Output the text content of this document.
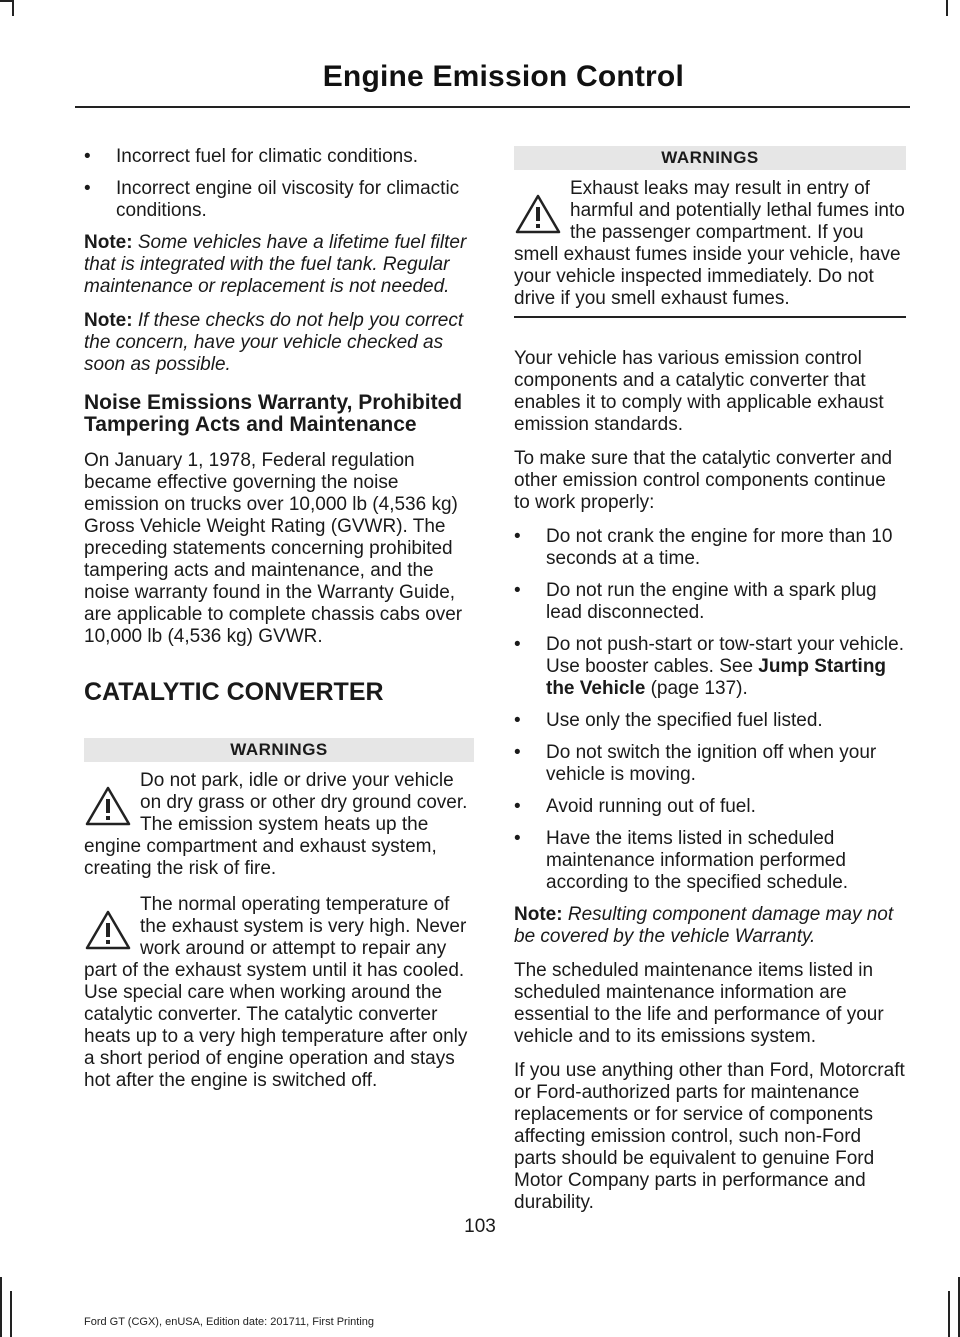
Engine Emission Control
•	Incorrect fuel for climatic conditions.
•	Incorrect engine oil viscosity for climactic conditions.

Note: Some vehicles have a lifetime fuel filter that is integrated with the fuel tank. Regular maintenance or replacement is not needed.

Note: If these checks do not help you correct the concern, have your vehicle checked as soon as possible.

Noise Emissions Warranty, Prohibited Tampering Acts and Maintenance

On January 1, 1978, Federal regulation became effective governing the noise emission on trucks over 10,000 lb (4,536 kg) Gross Vehicle Weight Rating (GVWR). The preceding statements concerning prohibited tampering acts and maintenance, and the noise warranty found in the Warranty Guide, are applicable to complete chassis cabs over 10,000 lb (4,536 kg) GVWR.

CATALYTIC CONVERTER
WARNINGS
Do not park, idle or drive your vehicle on dry grass or other dry ground cover. The emission system heats up the engine compartment and exhaust system, creating the risk of fire.
The normal operating temperature of the exhaust system is very high. Never work around or attempt to repair any part of the exhaust system until it has cooled. Use special care when working around the catalytic converter. The catalytic converter heats up to a very high temperature after only a short period of engine operation and stays hot after the engine is switched off.
WARNINGS
Exhaust leaks may result in entry of harmful and potentially lethal fumes into the passenger compartment. If you smell exhaust fumes inside your vehicle, have your vehicle inspected immediately. Do not drive if you smell exhaust fumes.

Your vehicle has various emission control components and a catalytic converter that enables it to comply with applicable exhaust emission standards.

To make sure that the catalytic converter and other emission control components continue to work properly:

•	Do not crank the engine for more than 10 seconds at a time.
•	Do not run the engine with a spark plug lead disconnected.
•	Do not push-start or tow-start your vehicle. Use booster cables. See Jump Starting the Vehicle (page 137).
•	Use only the specified fuel listed.
•	Do not switch the ignition off when your vehicle is moving.
•	Avoid running out of fuel.
•	Have the items listed in scheduled maintenance information performed according to the specified schedule.

Note: Resulting component damage may not be covered by the vehicle Warranty.

The scheduled maintenance items listed in scheduled maintenance information are essential to the life and performance of your vehicle and to its emissions system.

If you use anything other than Ford, Motorcraft or Ford-authorized parts for maintenance replacements or for service of components affecting emission control, such non-Ford parts should be equivalent to genuine Ford Motor Company parts in performance and durability.

103
Ford GT (CGX), enUSA, Edition date: 201711, First Printing
